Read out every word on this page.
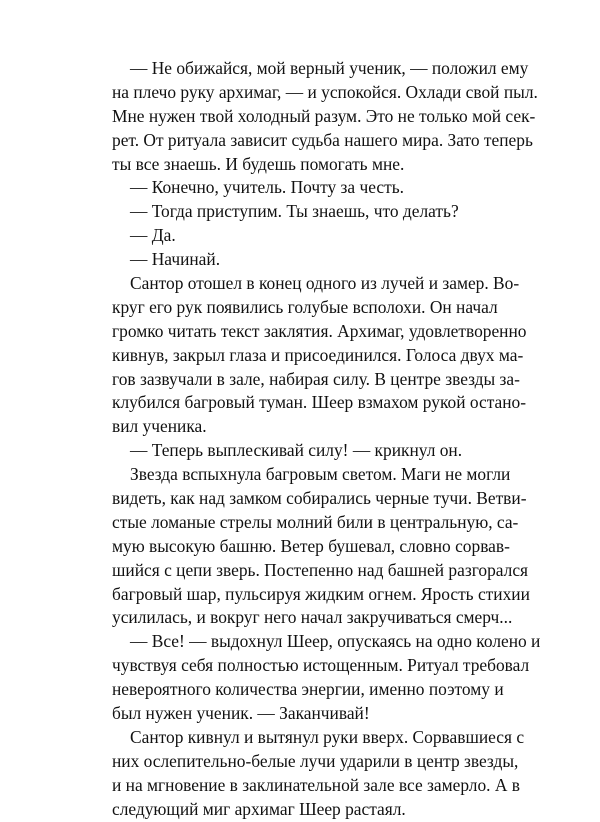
— Не обижайся, мой верный ученик, — положил ему
на плечо руку архимаг, — и успокойся. Охлади свой пыл.
Мне нужен твой холодный разум. Это не только мой сек-
рет. От ритуала зависит судьба нашего мира. Зато теперь
ты все знаешь. И будешь помогать мне.
— Конечно, учитель. Почту за честь.
— Тогда приступим. Ты знаешь, что делать?
— Да.
— Начинай.
Сантор отошел в конец одного из лучей и замер. Во-
круг его рук появились голубые всполохи. Он начал
громко читать текст заклятия. Архимаг, удовлетворенно
кивнув, закрыл глаза и присоединился. Голоса двух ма-
гов зазвучали в зале, набирая силу. В центре звезды за-
клубился багровый туман. Шеер взмахом рукой остано-
вил ученика.
— Теперь выплескивай силу! — крикнул он.
Звезда вспыхнула багровым светом. Маги не могли
видеть, как над замком собирались черные тучи. Ветви-
стые ломаные стрелы молний били в центральную, са-
мую высокую башню. Ветер бушевал, словно сорвав-
шийся с цепи зверь. Постепенно над башней разгорался
багровый шар, пульсируя жидким огнем. Ярость стихии
усилилась, и вокруг него начал закручиваться смерч...
— Все! — выдохнул Шеер, опускаясь на одно колено и
чувствуя себя полностью истощенным. Ритуал требовал
невероятного количества энергии, именно поэтому и
был нужен ученик. — Заканчивай!
Сантор кивнул и вытянул руки вверх. Сорвавшиеся с
них ослепительно-белые лучи ударили в центр звезды,
и на мгновение в заклинательной зале все замерло. А в
следующий миг архимаг Шеер растаял.
